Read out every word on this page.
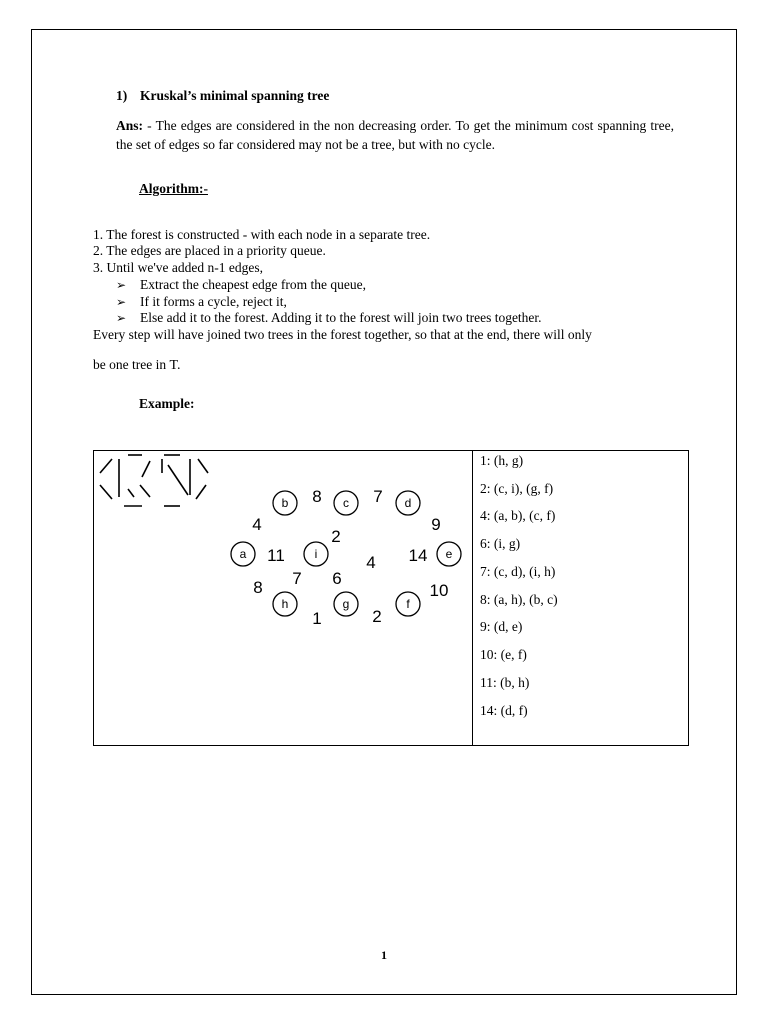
1) Kruskal’s minimal spanning tree
Ans: - The edges are considered in the non decreasing order. To get the minimum cost spanning tree, the set of edges so far considered may not be a tree, but with no cycle.
Algorithm:-
1. The forest is constructed - with each node in a separate tree.
2. The edges are placed in a priority queue.
3. Until we've added n-1 edges,
➢ Extract the cheapest edge from the queue,
➢ If it forms a cycle, reject it,
➢ Else add it to the forest. Adding it to the forest will join two trees together.
Every step will have joined two trees in the forest together, so that at the end, there will only
be one tree in T.
Example:
b	c	d
a	i	e
h	g	f
8	7
4	9
2
11	4 14
8 7 6
10
1	2
1: (h, g)
2: (c, i), (g, f)
4: (a, b), (c, f)
6: (i, g)
7: (c, d), (i, h)
8: (a, h), (b, c)
9: (d, e)
10: (e, f)
11: (b, h)
14: (d, f)
1
